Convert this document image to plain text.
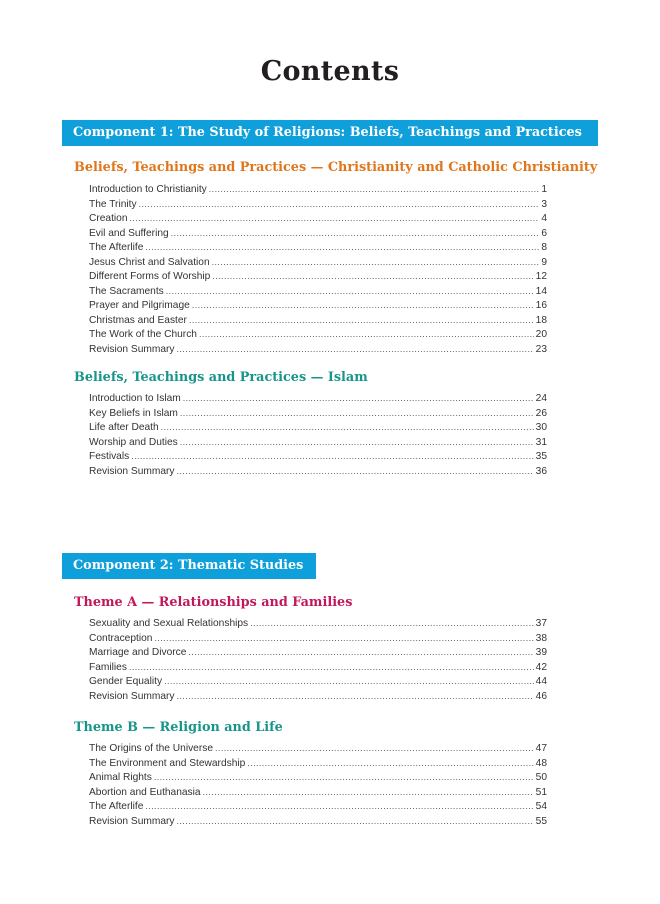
Contents
Component 1: The Study of Religions: Beliefs, Teachings and Practices
Beliefs, Teachings and Practices — Christianity and Catholic Christianity
Introduction to Christianity .....	1
The Trinity .....	3
Creation .....	4
Evil and Suffering .....	6
The Afterlife .....	8
Jesus Christ and Salvation .....	9
Different Forms of Worship .....	12
The Sacraments .....	14
Prayer and Pilgrimage .....	16
Christmas and Easter .....	18
The Work of the Church .....	20
Revision Summary .....	23
Beliefs, Teachings and Practices — Islam
Introduction to Islam .....	24
Key Beliefs in Islam .....	26
Life after Death .....	30
Worship and Duties .....	31
Festivals .....	35
Revision Summary .....	36
Component 2: Thematic Studies
Theme A — Relationships and Families
Sexuality and Sexual Relationships .....	37
Contraception .....	38
Marriage and Divorce .....	39
Families .....	42
Gender Equality .....	44
Revision Summary .....	46
Theme B — Religion and Life
The Origins of the Universe .....	47
The Environment and Stewardship .....	48
Animal Rights .....	50
Abortion and Euthanasia .....	51
The Afterlife .....	54
Revision Summary .....	55
